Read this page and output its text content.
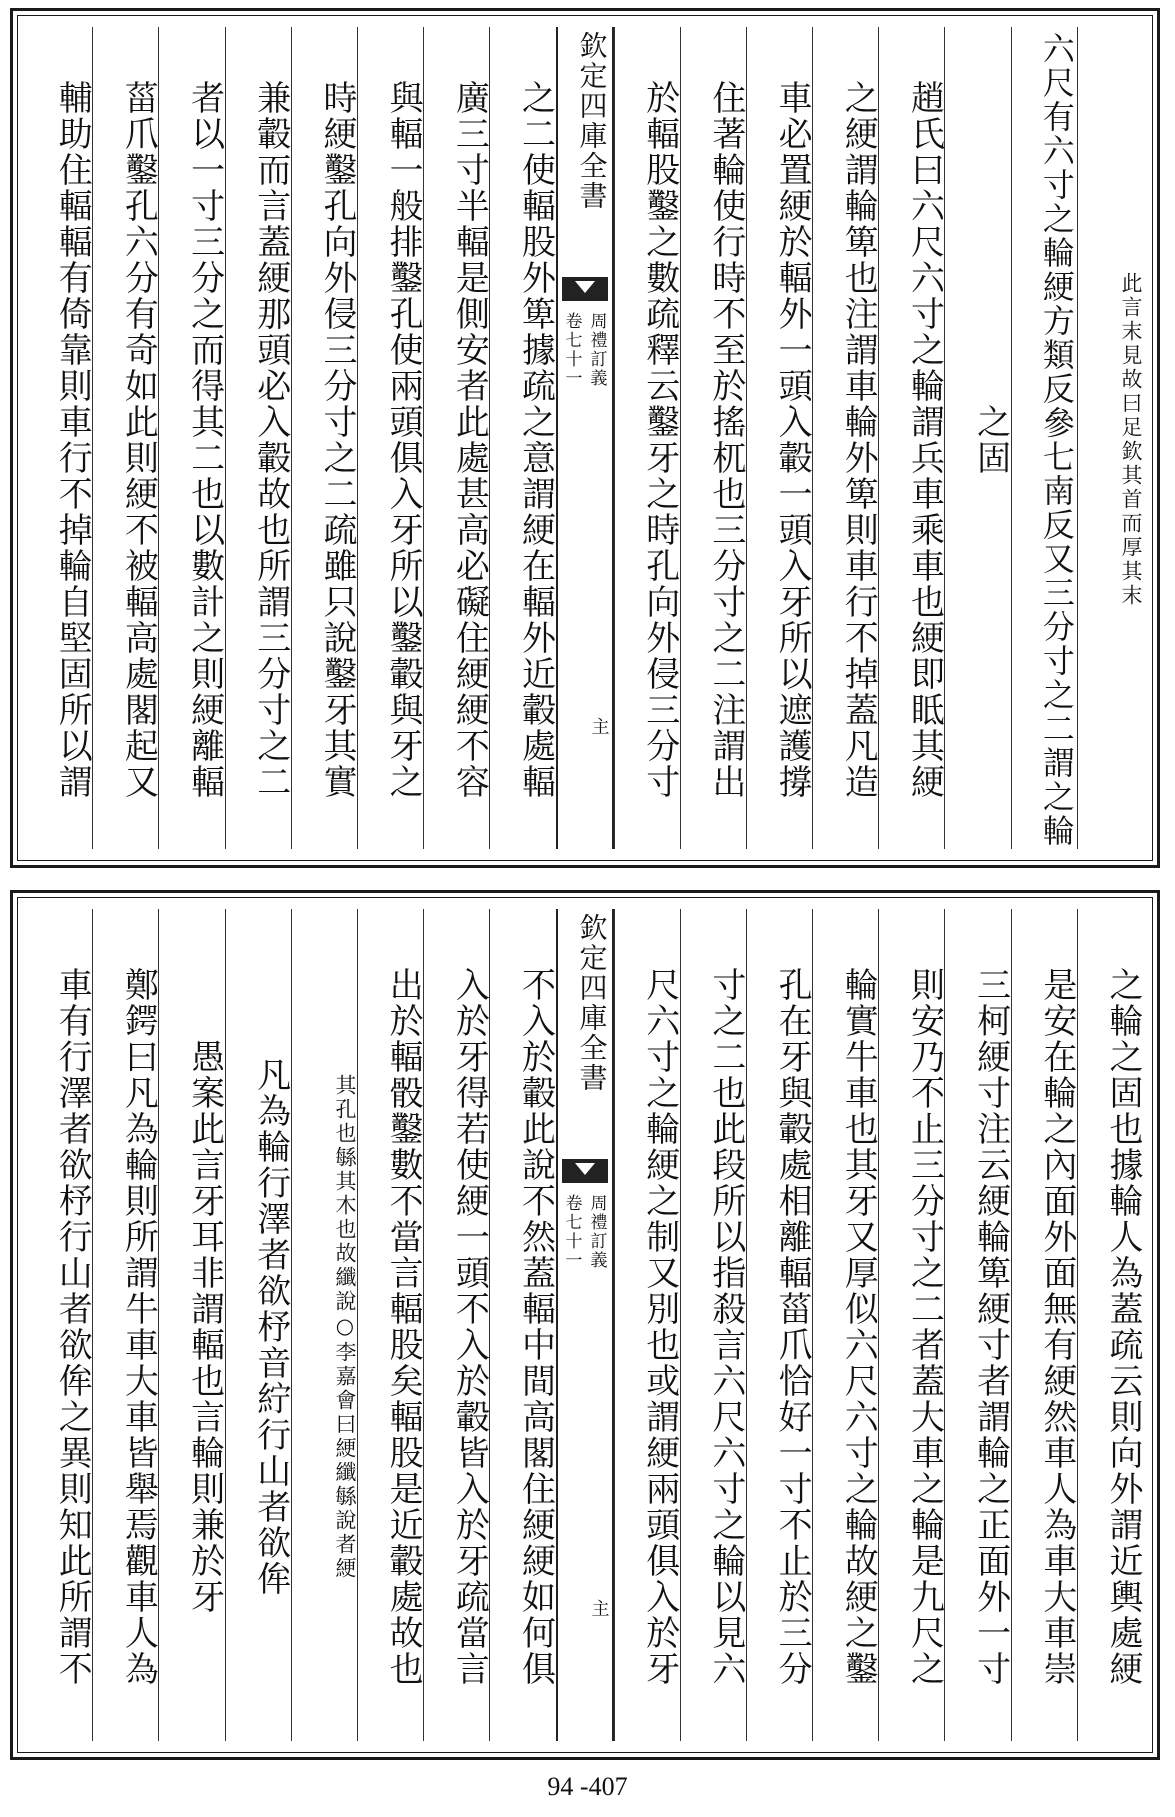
欽其首而厚其末
此言末見故曰足
六尺有六寸之輪綆方類反參七南反又三分寸之二謂之輪
之固
趙氏曰六尺六寸之輪謂兵車乘車也綆即眡其綆
之綆謂輪箄也注謂車輪外箄則車行不掉蓋凡造
車必置綆於輻外一頭入轂一頭入牙所以遮護撐
住著輪使行時不至於搖杌也三分寸之二注謂出
於輻股鑿之數疏釋云鑿牙之時孔向外侵三分寸
欽定四庫全書
周禮訂義
卷七十一
主
之二使輻股外箄據疏之意謂綆在輻外近轂處輻
廣三寸半輻是側安者此處甚高必礙住綆綆不容
與輻一般排鑿孔使兩頭俱入牙所以鑿轂與牙之
時綆鑿孔向外侵三分寸之二疏雖只說鑿牙其實
兼轂而言蓋綆那頭必入轂故也所謂三分寸之二
者以一寸三分之而得其二也以數計之則綆離輻
菑爪鑿孔六分有奇如此則綆不被輻高處閣起又
輔助住輻輻有倚靠則車行不掉輪自堅固所以謂
之輪之固也據輪人為蓋疏云則向外謂近輿處綆
是安在輪之內面外面無有綆然車人為車大車崇
三柯綆寸注云綆輪箄綆寸者謂輪之正面外一寸
則安乃不止三分寸之二者蓋大車之輪是九尺之
輪實牛車也其牙又厚似六尺六寸之輪故綆之鑿
孔在牙與轂處相離輻菑爪恰好一寸不止於三分
寸之二也此段所以指殺言六尺六寸之輪以見六
尺六寸之輪綆之制又別也或謂綆兩頭俱入於牙
欽定四庫全書
周禮訂義
卷七十一
主
不入於轂此說不然蓋輻中間高閣住綆綆如何俱
入於牙得若使綆一頭不入於轂皆入於牙疏當言
出於輻骰鑿數不當言輻股矣輻股是近轂處故也
○李嘉會曰綆纖緐說者綆
其孔也緐其木也故纖說
凡為輪行澤者欲杼音紵行山者欲侔
愚案此言牙耳非謂輻也言輪則兼於牙
鄭鍔曰凡為輪則所謂牛車大車皆舉焉觀車人為
車有行澤者欲杼行山者欲侔之異則知此所謂不
94 -407
